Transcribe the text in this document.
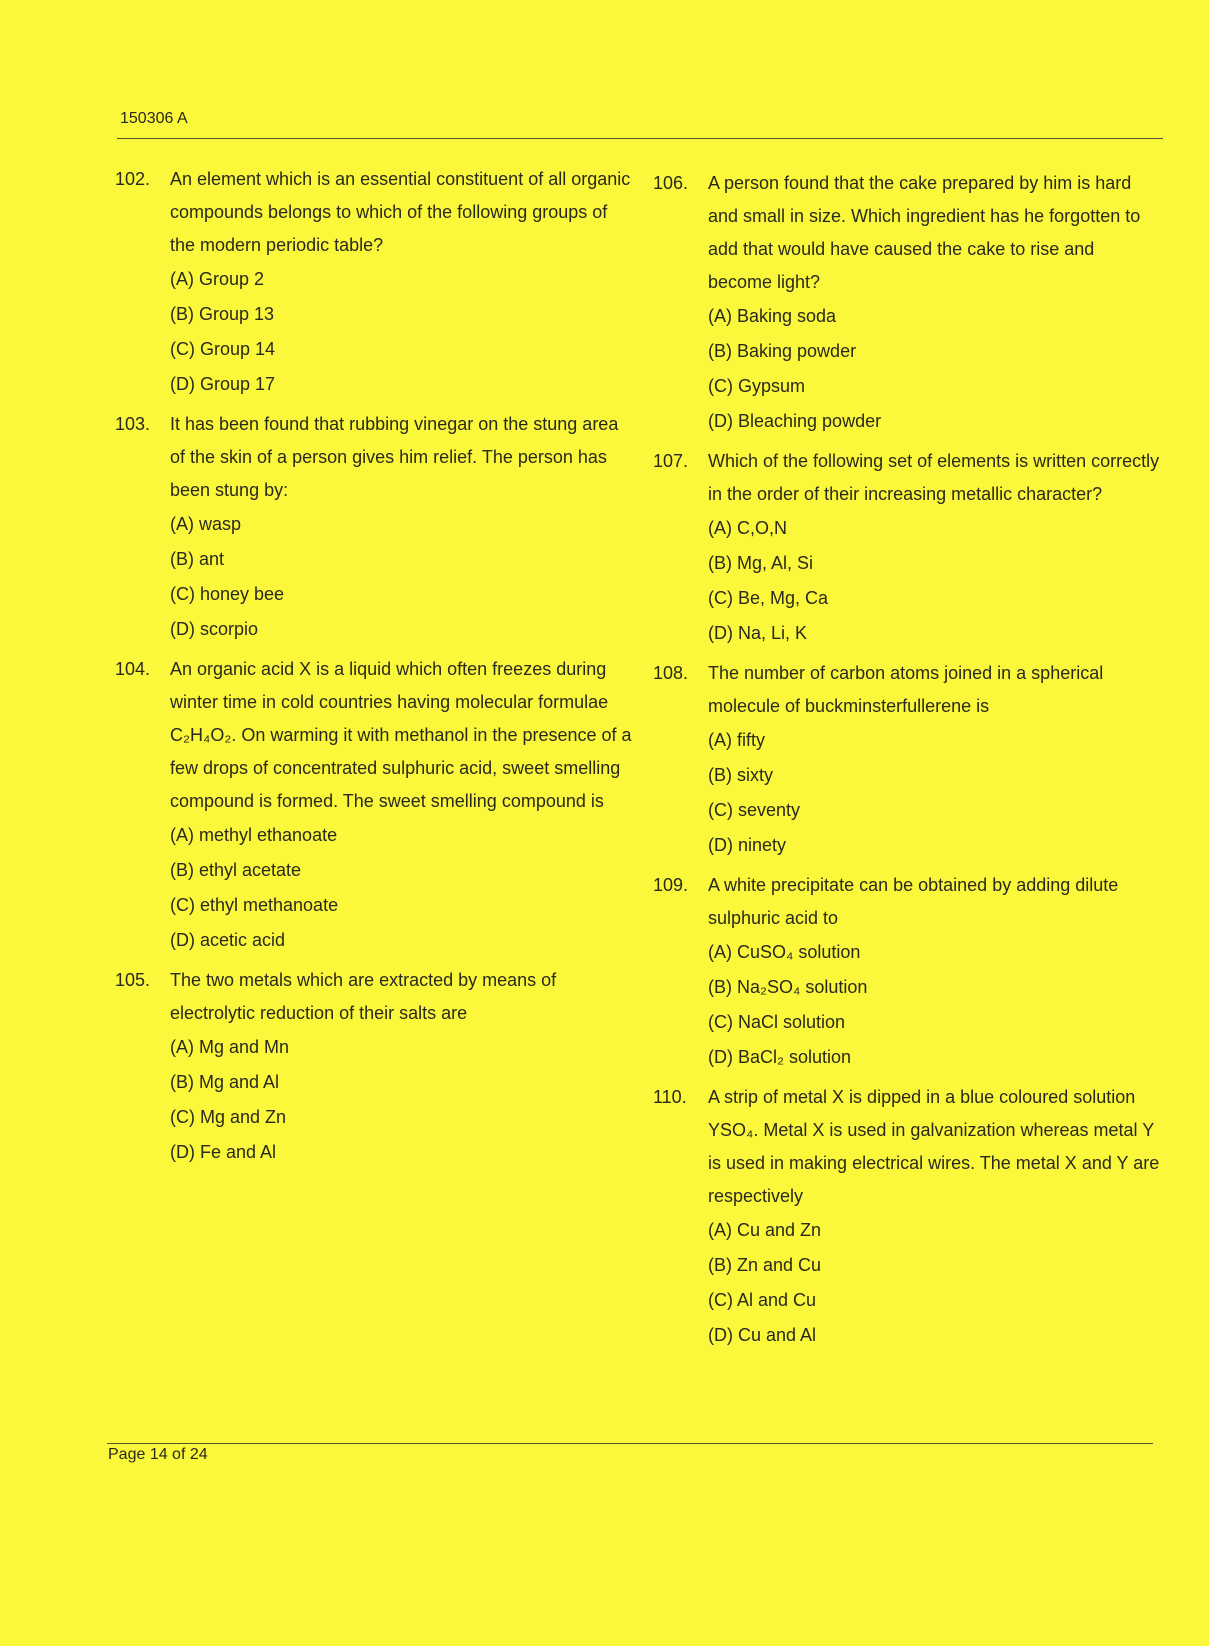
150306 A
102.	An element which is an essential constituent of all organic compounds belongs to which of the following groups of the modern periodic table?
(A) Group 2
(B) Group 13
(C) Group 14
(D) Group 17
103.	It has been found that rubbing vinegar on the stung area of the skin of a person gives him relief. The person has been stung by:
(A) wasp
(B) ant
(C) honey bee
(D) scorpio
104.	An organic acid X is a liquid which often freezes during winter time in cold countries having molecular formulae C₂H₄O₂. On warming it with methanol in the presence of a few drops of concentrated sulphuric acid, sweet smelling compound is formed. The sweet smelling compound is
(A) methyl ethanoate
(B) ethyl acetate
(C) ethyl methanoate
(D) acetic acid
105.	The two metals which are extracted by means of electrolytic reduction of their salts are
(A) Mg and Mn
(B) Mg and Al
(C) Mg and Zn
(D) Fe and Al
106.	A person found that the cake prepared by him is hard and small in size. Which ingredient has he forgotten to add that would have caused the cake to rise and become light?
(A) Baking soda
(B) Baking powder
(C) Gypsum
(D) Bleaching powder
107.	Which of the following set of elements is written correctly in the order of their increasing metallic character?
(A) C,O,N
(B) Mg, Al, Si
(C) Be, Mg, Ca
(D) Na, Li, K
108.	The number of carbon atoms joined in a spherical molecule of buckminsterfullerene is
(A) fifty
(B) sixty
(C) seventy
(D) ninety
109.	A white precipitate can be obtained by adding dilute sulphuric acid to
(A) CuSO₄ solution
(B) Na₂SO₄ solution
(C) NaCl solution
(D) BaCl₂ solution
110.	A strip of metal X is dipped in a blue coloured solution YSO₄. Metal X is used in galvanization whereas metal Y is used in making electrical wires. The metal X and Y are respectively
(A) Cu and Zn
(B) Zn and Cu
(C) Al and Cu
(D) Cu and Al
Page 14 of 24
